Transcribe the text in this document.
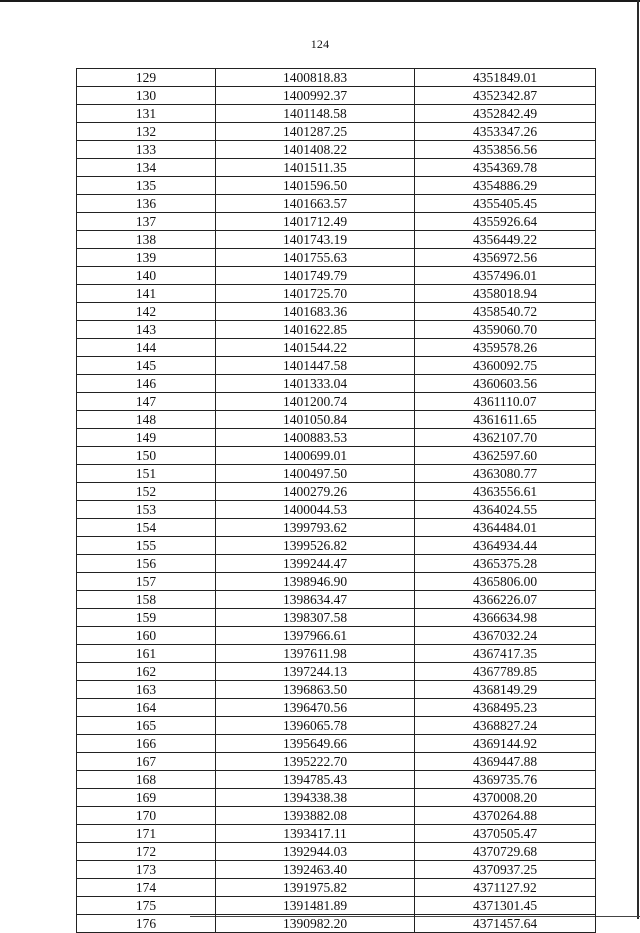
124
129	1400818.83	4351849.01
130	1400992.37	4352342.87
131	1401148.58	4352842.49
132	1401287.25	4353347.26
133	1401408.22	4353856.56
134	1401511.35	4354369.78
135	1401596.50	4354886.29
136	1401663.57	4355405.45
137	1401712.49	4355926.64
138	1401743.19	4356449.22
139	1401755.63	4356972.56
140	1401749.79	4357496.01
141	1401725.70	4358018.94
142	1401683.36	4358540.72
143	1401622.85	4359060.70
144	1401544.22	4359578.26
145	1401447.58	4360092.75
146	1401333.04	4360603.56
147	1401200.74	4361110.07
148	1401050.84	4361611.65
149	1400883.53	4362107.70
150	1400699.01	4362597.60
151	1400497.50	4363080.77
152	1400279.26	4363556.61
153	1400044.53	4364024.55
154	1399793.62	4364484.01
155	1399526.82	4364934.44
156	1399244.47	4365375.28
157	1398946.90	4365806.00
158	1398634.47	4366226.07
159	1398307.58	4366634.98
160	1397966.61	4367032.24
161	1397611.98	4367417.35
162	1397244.13	4367789.85
163	1396863.50	4368149.29
164	1396470.56	4368495.23
165	1396065.78	4368827.24
166	1395649.66	4369144.92
167	1395222.70	4369447.88
168	1394785.43	4369735.76
169	1394338.38	4370008.20
170	1393882.08	4370264.88
171	1393417.11	4370505.47
172	1392944.03	4370729.68
173	1392463.40	4370937.25
174	1391975.82	4371127.92
175	1391481.89	4371301.45
176	1390982.20	4371457.64
